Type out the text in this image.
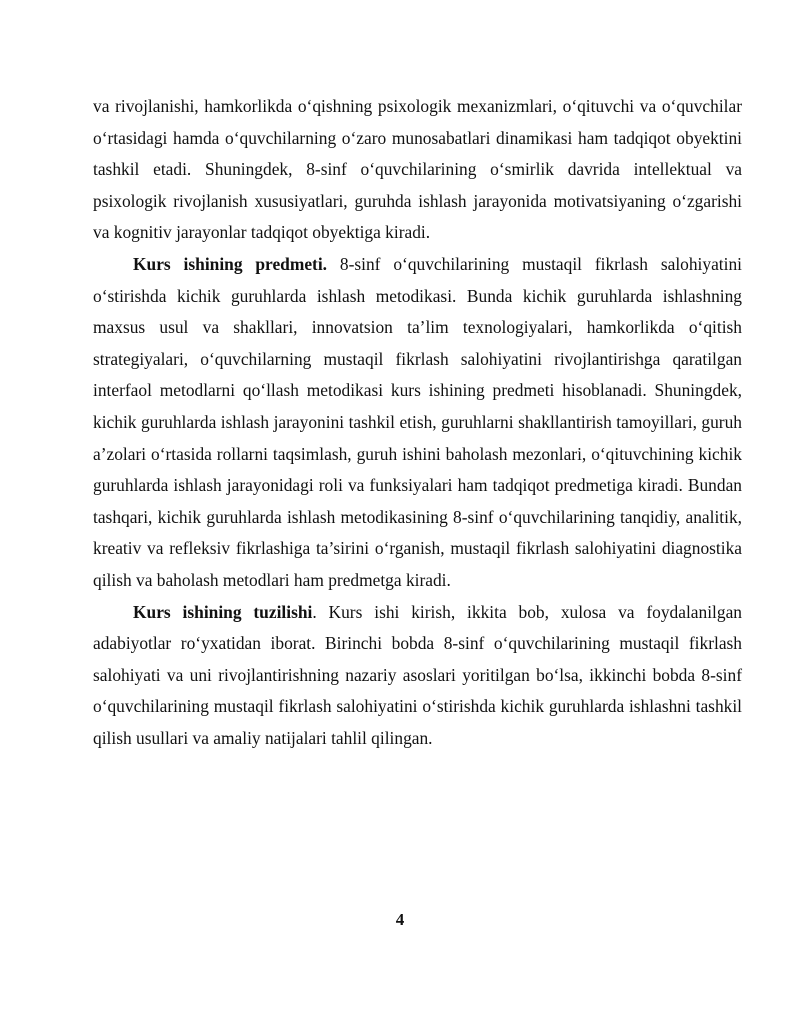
va rivojlanishi, hamkorlikda o‘qishning psixologik mexanizmlari, o‘qituvchi va o‘quvchilar o‘rtasidagi hamda o‘quvchilarning o‘zaro munosabatlari dinamikasi ham tadqiqot obyektini tashkil etadi. Shuningdek, 8-sinf o‘quvchilarining o‘smirlik davrida intellektual va psixologik rivojlanish xususiyatlari, guruhda ishlash jarayonida motivatsiyaning o‘zgarishi va kognitiv jarayonlar tadqiqot obyektiga kiradi.

Kurs ishining predmeti. 8-sinf o‘quvchilarining mustaqil fikrlash salohiyatini o‘stirishda kichik guruhlarda ishlash metodikasi. Bunda kichik guruhlarda ishlashning maxsus usul va shakllari, innovatsion ta’lim texnologiyalari, hamkorlikda o‘qitish strategiyalari, o‘quvchilarning mustaqil fikrlash salohiyatini rivojlantirishga qaratilgan interfaol metodlarni qo‘llash metodikasi kurs ishining predmeti hisoblanadi. Shuningdek, kichik guruhlarda ishlash jarayonini tashkil etish, guruhlarni shakllantirish tamoyillari, guruh a’zolari o‘rtasida rollarni taqsimlash, guruh ishini baholash mezonlari, o‘qituvchining kichik guruhlarda ishlash jarayonidagi roli va funksiyalari ham tadqiqot predmetiga kiradi. Bundan tashqari, kichik guruhlarda ishlash metodikasining 8-sinf o‘quvchilarining tanqidiy, analitik, kreativ va refleksiv fikrlashiga ta’sirini o‘rganish, mustaqil fikrlash salohiyatini diagnostika qilish va baholash metodlari ham predmetga kiradi.

Kurs ishining tuzilishi. Kurs ishi kirish, ikkita bob, xulosa va foydalanilgan adabiyotlar ro‘yxatidan iborat. Birinchi bobda 8-sinf o‘quvchilarining mustaqil fikrlash salohiyati va uni rivojlantirishning nazariy asoslari yoritilgan bo‘lsa, ikkinchi bobda 8-sinf o‘quvchilarining mustaqil fikrlash salohiyatini o‘stirishda kichik guruhlarda ishlashni tashkil qilish usullari va amaliy natijalari tahlil qilingan.

4
